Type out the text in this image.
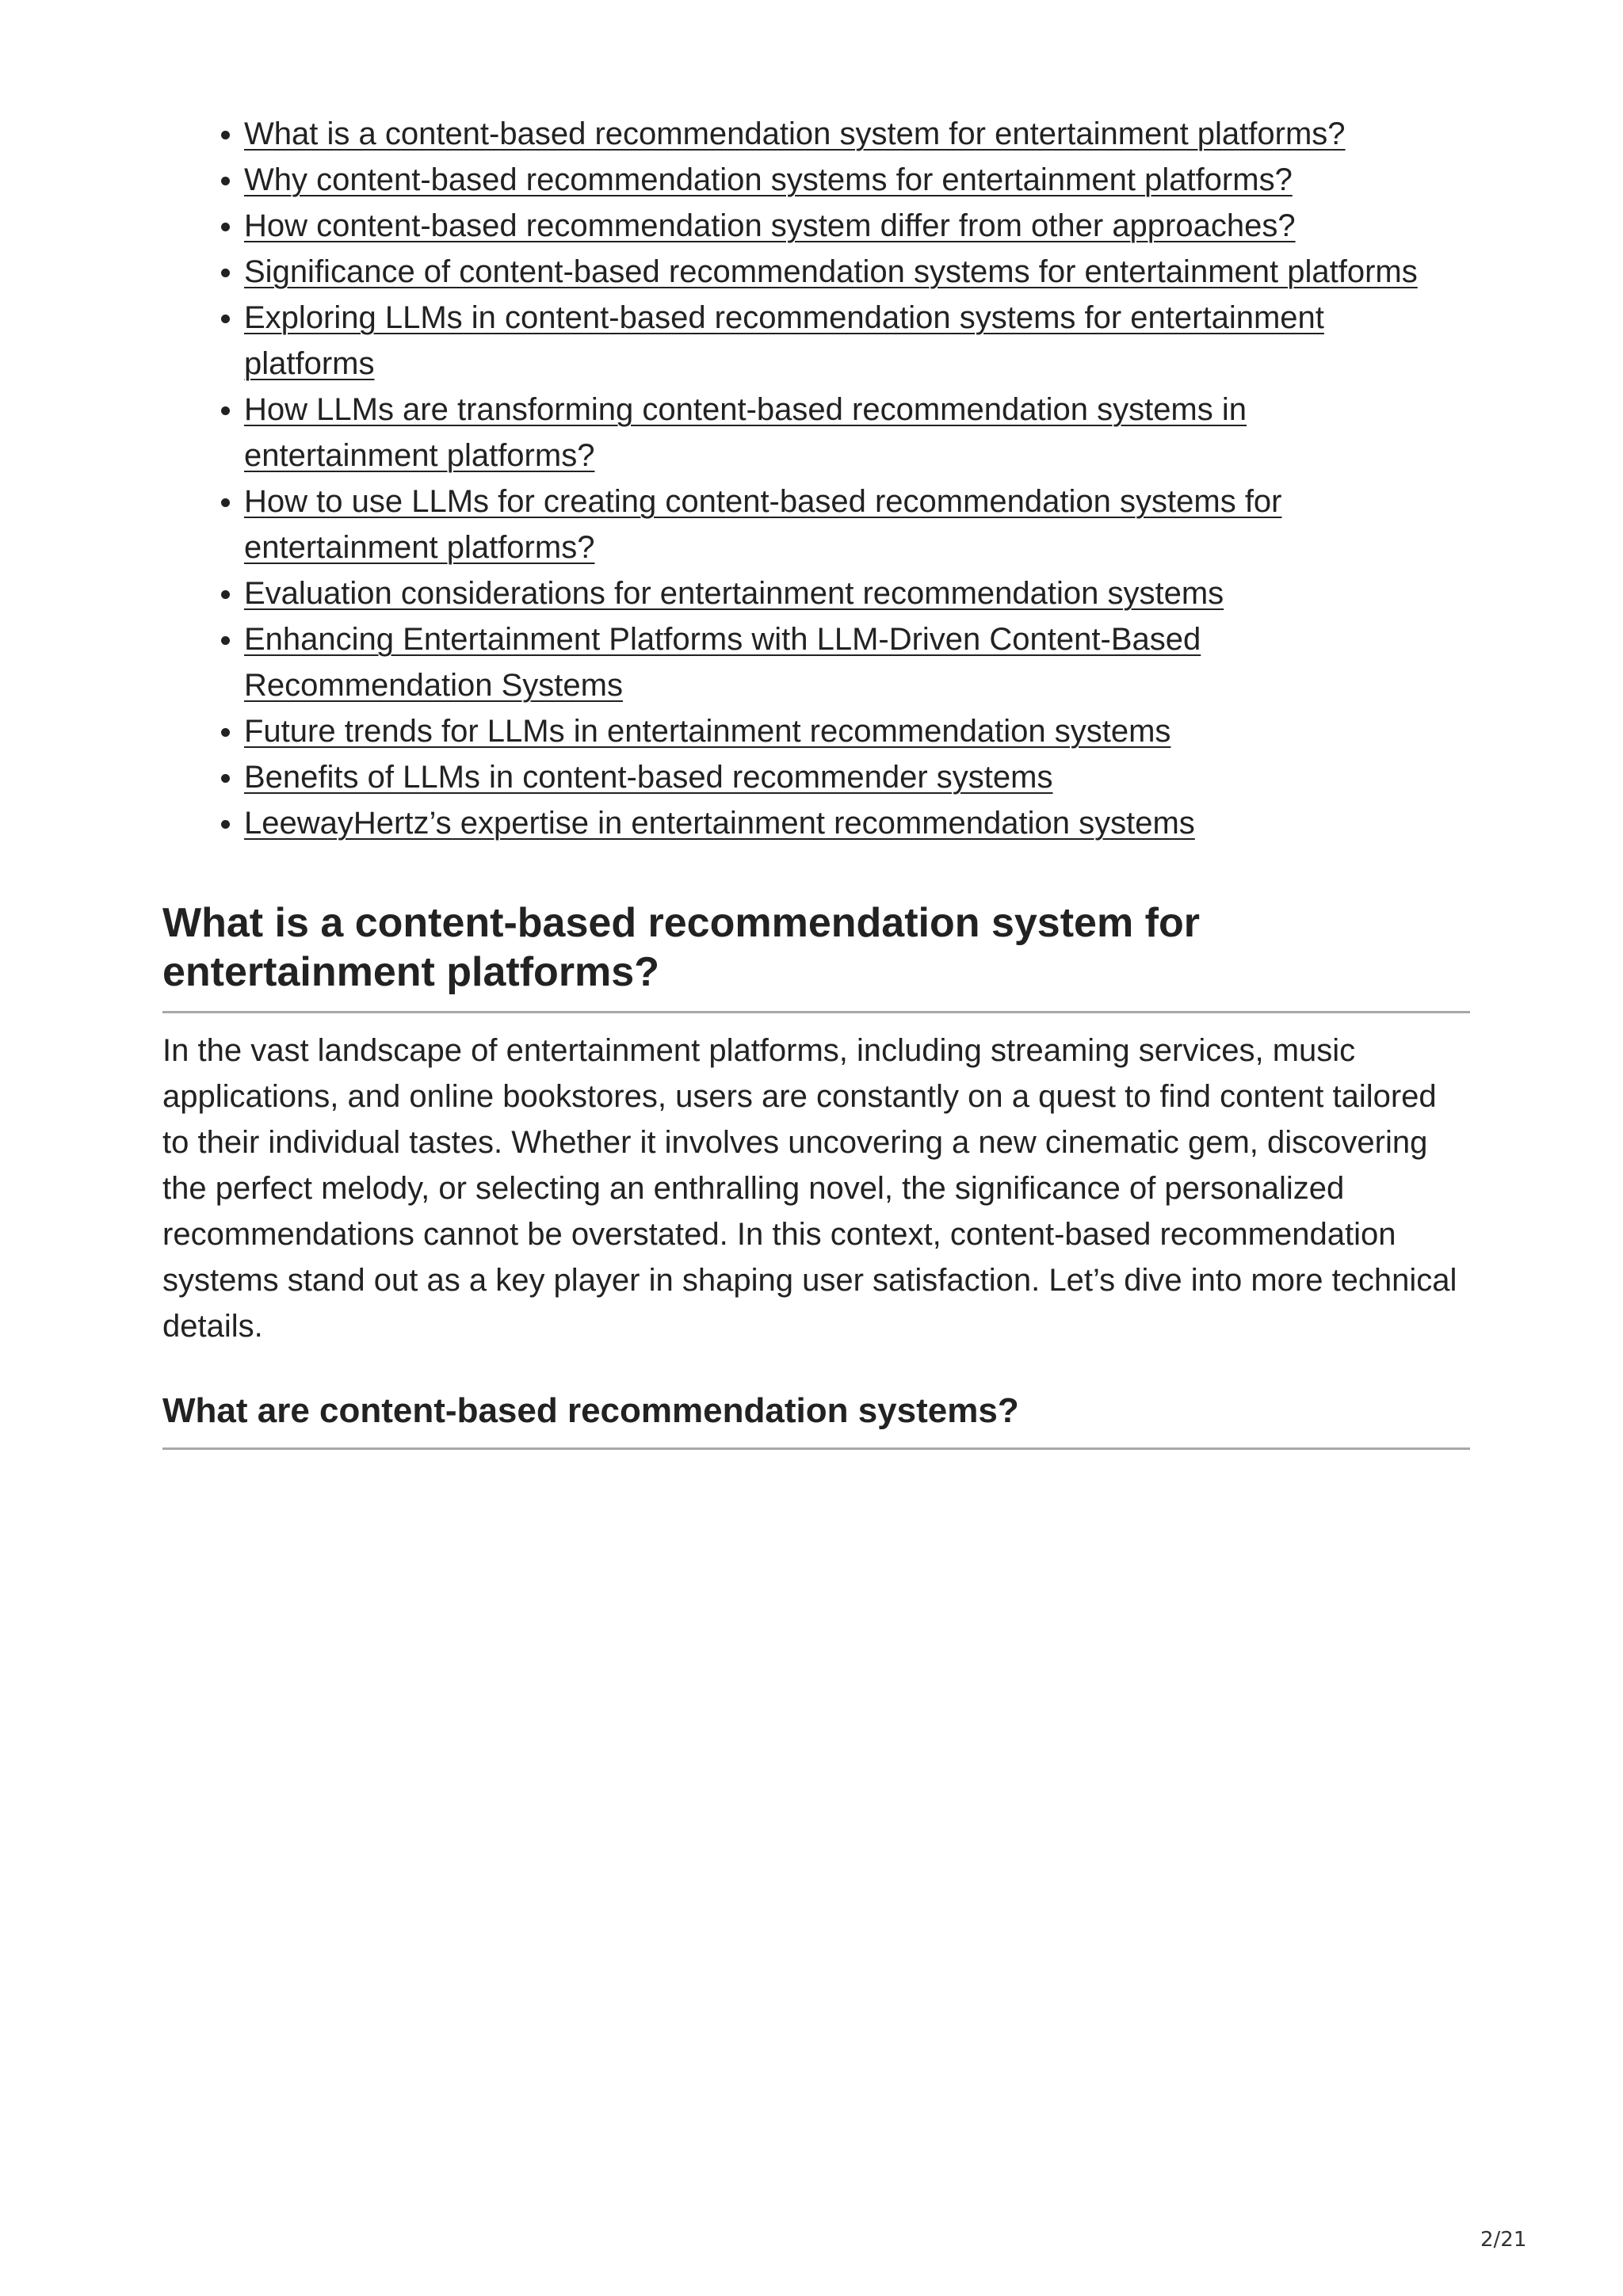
• What is a content-based recommendation system for entertainment platforms?
• Why content-based recommendation systems for entertainment platforms?
• How content-based recommendation system differ from other approaches?
• Significance of content-based recommendation systems for entertainment platforms
• Exploring LLMs in content-based recommendation systems for entertainment platforms
• How LLMs are transforming content-based recommendation systems in entertainment platforms?
• How to use LLMs for creating content-based recommendation systems for entertainment platforms?
• Evaluation considerations for entertainment recommendation systems
• Enhancing Entertainment Platforms with LLM-Driven Content-Based Recommendation Systems
• Future trends for LLMs in entertainment recommendation systems
• Benefits of LLMs in content-based recommender systems
• LeewayHertz’s expertise in entertainment recommendation systems
What is a content-based recommendation system for entertainment platforms?

In the vast landscape of entertainment platforms, including streaming services, music applications, and online bookstores, users are constantly on a quest to find content tailored to their individual tastes. Whether it involves uncovering a new cinematic gem, discovering the perfect melody, or selecting an enthralling novel, the significance of personalized recommendations cannot be overstated. In this context, content-based recommendation systems stand out as a key player in shaping user satisfaction. Let’s dive into more technical details.

What are content-based recommendation systems?
2/21
